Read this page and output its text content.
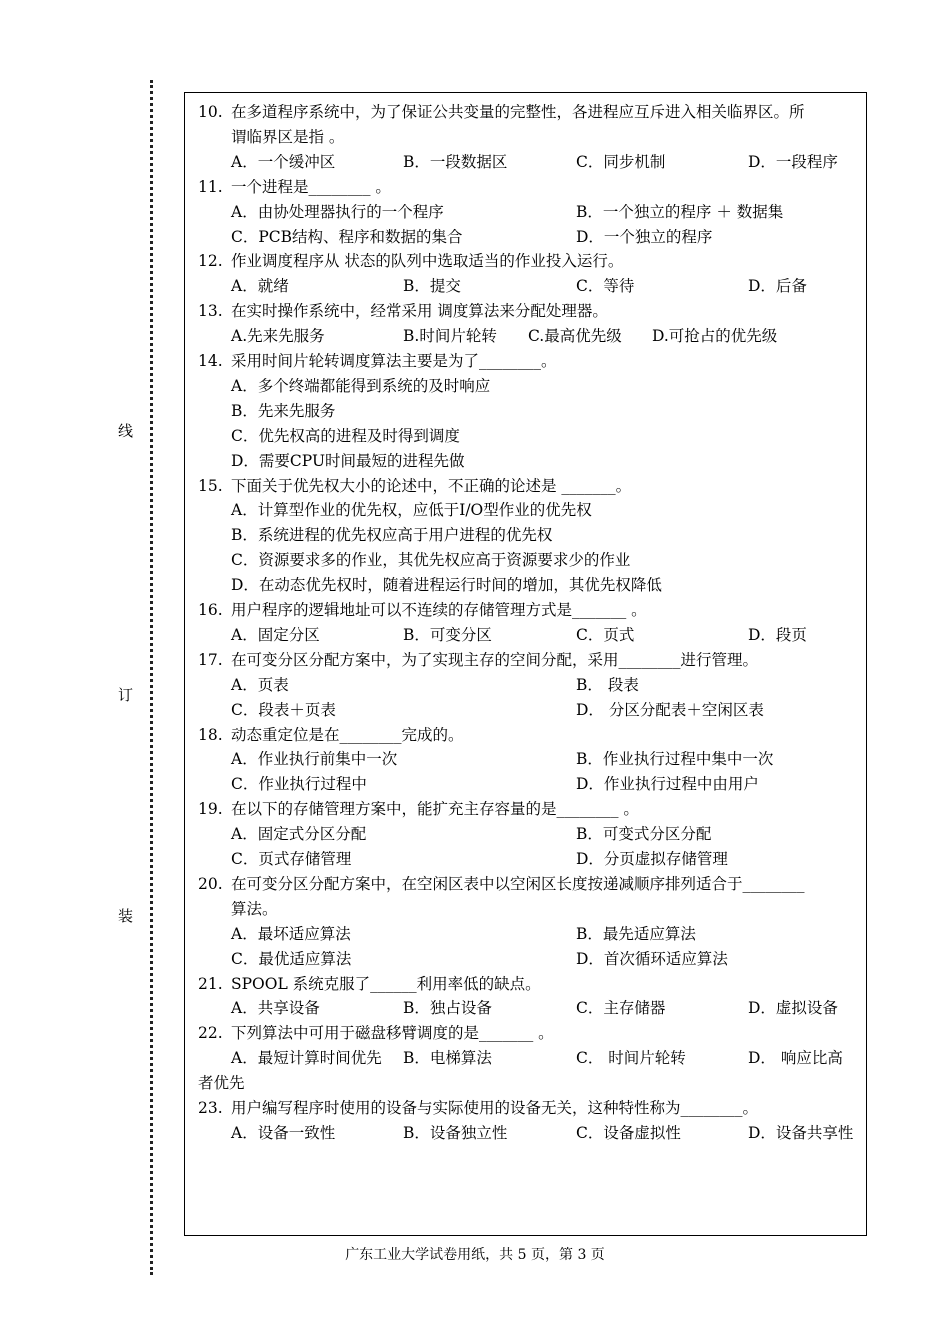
线
订
装
10. 在多道程序系统中，为了保证公共变量的完整性，各进程应互斥进入相关临界区。所
谓临界区是指 。
A．一个缓冲区	B．一段数据区	C．同步机制	D．一段程序
11. 一个进程是________ 。
A．由协处理器执行的一个程序	B．一个独立的程序 ＋ 数据集
C．PCB结构、程序和数据的集合	D．一个独立的程序
12. 作业调度程序从 状态的队列中选取适当的作业投入运行。
A．就绪	B．提交	C．等待	D．后备
13. 在实时操作系统中，经常采用 调度算法来分配处理器。
A.先来先服务	B.时间片轮转 C.最高优先级 D.可抢占的优先级
14. 采用时间片轮转调度算法主要是为了________。
A．多个终端都能得到系统的及时响应
B．先来先服务
C．优先权高的进程及时得到调度
D．需要CPU时间最短的进程先做
15. 下面关于优先权大小的论述中，不正确的论述是 _______。
A．计算型作业的优先权，应低于I/O型作业的优先权
B．系统进程的优先权应高于用户进程的优先权
C．资源要求多的作业，其优先权应高于资源要求少的作业
D．在动态优先权时，随着进程运行时间的增加，其优先权降低
16. 用户程序的逻辑地址可以不连续的存储管理方式是_______ 。
A．固定分区	B．可变分区	C．页式	D．段页
17. 在可变分区分配方案中，为了实现主存的空间分配，采用________进行管理。
A．页表	B． 段表
C．段表＋页表	D． 分区分配表＋空闲区表
18. 动态重定位是在________完成的。
A．作业执行前集中一次	B．作业执行过程中集中一次
C．作业执行过程中	D．作业执行过程中由用户
19. 在以下的存储管理方案中，能扩充主存容量的是________ 。
A．固定式分区分配	B．可变式分区分配
C．页式存储管理	D．分页虚拟存储管理
20. 在可变分区分配方案中，在空闲区表中以空闲区长度按递减顺序排列适合于________
算法。
A．最坏适应算法	B．最先适应算法
C．最优适应算法	D．首次循环适应算法
21. SPOOL 系统克服了______利用率低的缺点。
A．共享设备	B．独占设备	C．主存储器	D．虚拟设备
22. 下列算法中可用于磁盘移臂调度的是_______ 。
A．最短计算时间优先 B．电梯算法	C． 时间片轮转	D． 响应比高
者优先
23. 用户编写程序时使用的设备与实际使用的设备无关，这种特性称为________。
A．设备一致性	B．设备独立性	C．设备虚拟性	D．设备共享性
广东工业大学试卷用纸，共 5 页，第 3 页
